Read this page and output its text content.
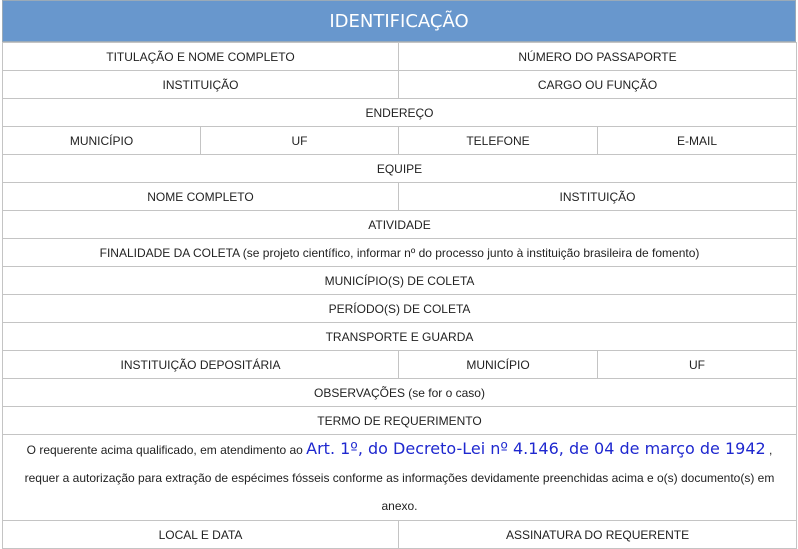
IDENTIFICAÇÃO
TITULAÇÃO E NOME COMPLETO		NÚMERO DO PASSAPORTE	
INSTITUIÇÃO		CARGO OU FUNÇÃO	
ENDEREÇO			
MUNICÍPIO	UF	TELEFONE	E-MAIL
EQUIPE			
NOME COMPLETO		INSTITUIÇÃO	
ATIVIDADE			
FINALIDADE DA COLETA (se projeto científico, informar nº do processo junto à instituição brasileira de fomento)			
MUNICÍPIO(S) DE COLETA			
PERÍODO(S) DE COLETA			
TRANSPORTE E GUARDA			
INSTITUIÇÃO DEPOSITÁRIA		MUNICÍPIO	UF
OBSERVAÇÕES (se for o caso)			
TERMO DE REQUERIMENTO			
O requerente acima qualificado, em atendimento ao Art. 1º, do Decreto-Lei nº 4.146, de 04 de março de 1942 , requer a autorização para extração de espécimes fósseis conforme as informações devidamente preenchidas acima e o(s) documento(s) em anexo.			
LOCAL E DATA		ASSINATURA DO REQUERENTE	
